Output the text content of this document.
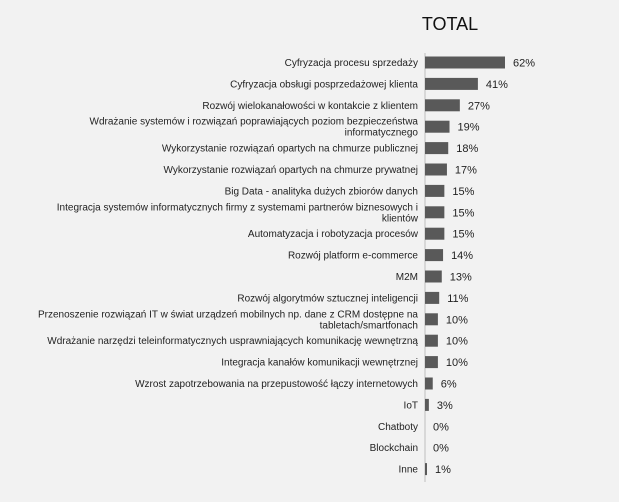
TOTAL
62%
Cyfryzacja procesu sprzedaży
41%
Cyfryzacja obsługi posprzedażowej klienta
27%
Rozwój wielokanałowości w kontakcie z klientem
19%
Wdrażanie systemów i rozwiązań poprawiających poziom bezpieczeństwa
informatycznego
18%
Wykorzystanie rozwiązań opartych na chmurze publicznej
17%
Wykorzystanie rozwiązań opartych na chmurze prywatnej
15%
Big Data - analityka dużych zbiorów danych
15%
Integracja systemów informatycznych firmy z systemami partnerów biznesowych i
klientów
15%
Automatyzacja i robotyzacja procesów
14%
Rozwój platform e-commerce
13%
M2M
11%
Rozwój algorytmów sztucznej inteligencji
10%
Przenoszenie rozwiązań IT w świat urządzeń mobilnych np. dane z CRM dostępne na
tabletach/smartfonach
10%
Wdrażanie narzędzi teleinformatycznych usprawniających komunikację wewnętrzną
10%
Integracja kanałów komunikacji wewnętrznej
6%
Wzrost zapotrzebowania na przepustowość łączy internetowych
3%
IoT
0%
Chatboty
0%
Blockchain
1%
Inne
